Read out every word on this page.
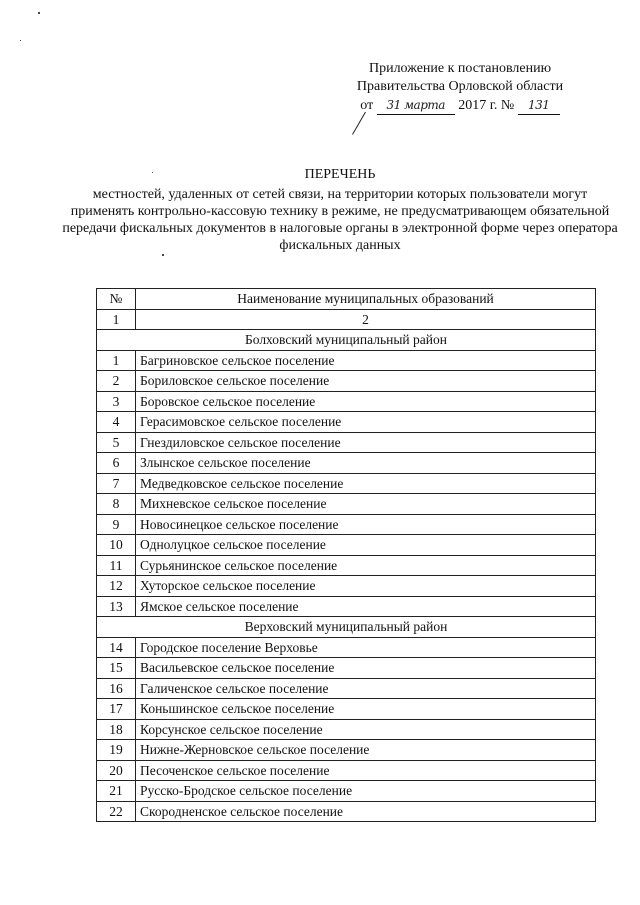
Приложение к постановлению
Правительства Орловской области
от 31 марта 2017 г. № 131
ПЕРЕЧЕНЬ
местностей, удаленных от сетей связи, на территории которых пользователи могут применять контрольно-кассовую технику в режиме, не предусматривающем обязательной передачи фискальных документов в налоговые органы в электронной форме через оператора фискальных данных
№	Наименование муниципальных образований
1	2
Болховский муниципальный район	
1	Багриновское сельское поселение
2	Бориловское сельское поселение
3	Боровское сельское поселение
4	Герасимовское сельское поселение
5	Гнездиловское сельское поселение
6	Злынское сельское поселение
7	Медведковское сельское поселение
8	Михневское сельское поселение
9	Новосинецкое сельское поселение
10	Однолуцкое сельское поселение
11	Сурьянинское сельское поселение
12	Хуторское сельское поселение
13	Ямское сельское поселение
Верховский муниципальный район	
14	Городское поселение Верховье
15	Васильевское сельское поселение
16	Галиченское сельское поселение
17	Коньшинское сельское поселение
18	Корсунское сельское поселение
19	Нижне-Жерновское сельское поселение
20	Песоченское сельское поселение
21	Русско-Бродское сельское поселение
22	Скородненское сельское поселение
